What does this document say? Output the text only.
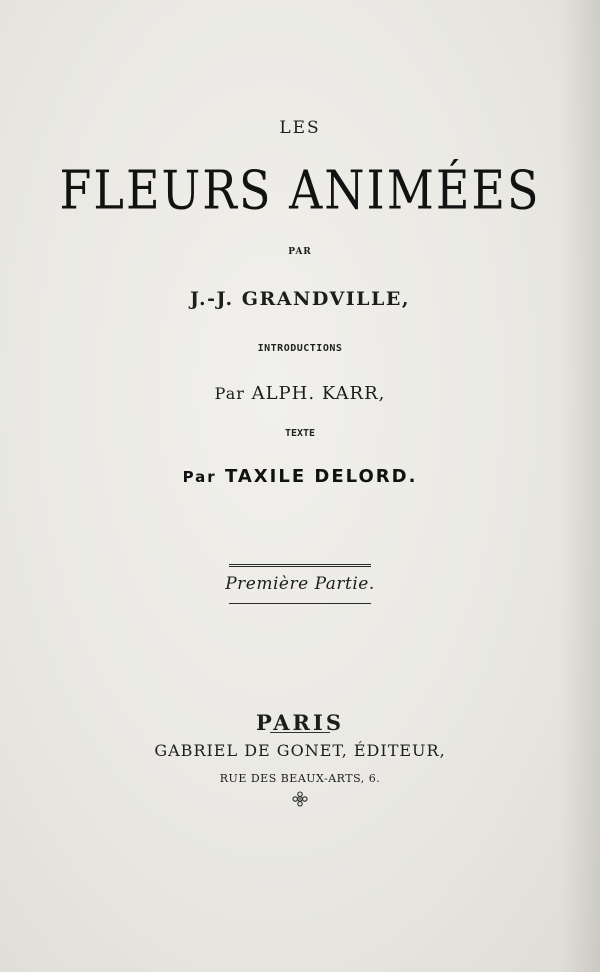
LES
FLEURS ANIMÉES
PAR
J.-J. GRANDVILLE,
INTRODUCTIONS
Par ALPH. KARR,
TEXTE
Par TAXILE DELORD.
Première Partie.
PARIS
GABRIEL DE GONET, ÉDITEUR,
RUE DES BEAUX-ARTS, 6.
